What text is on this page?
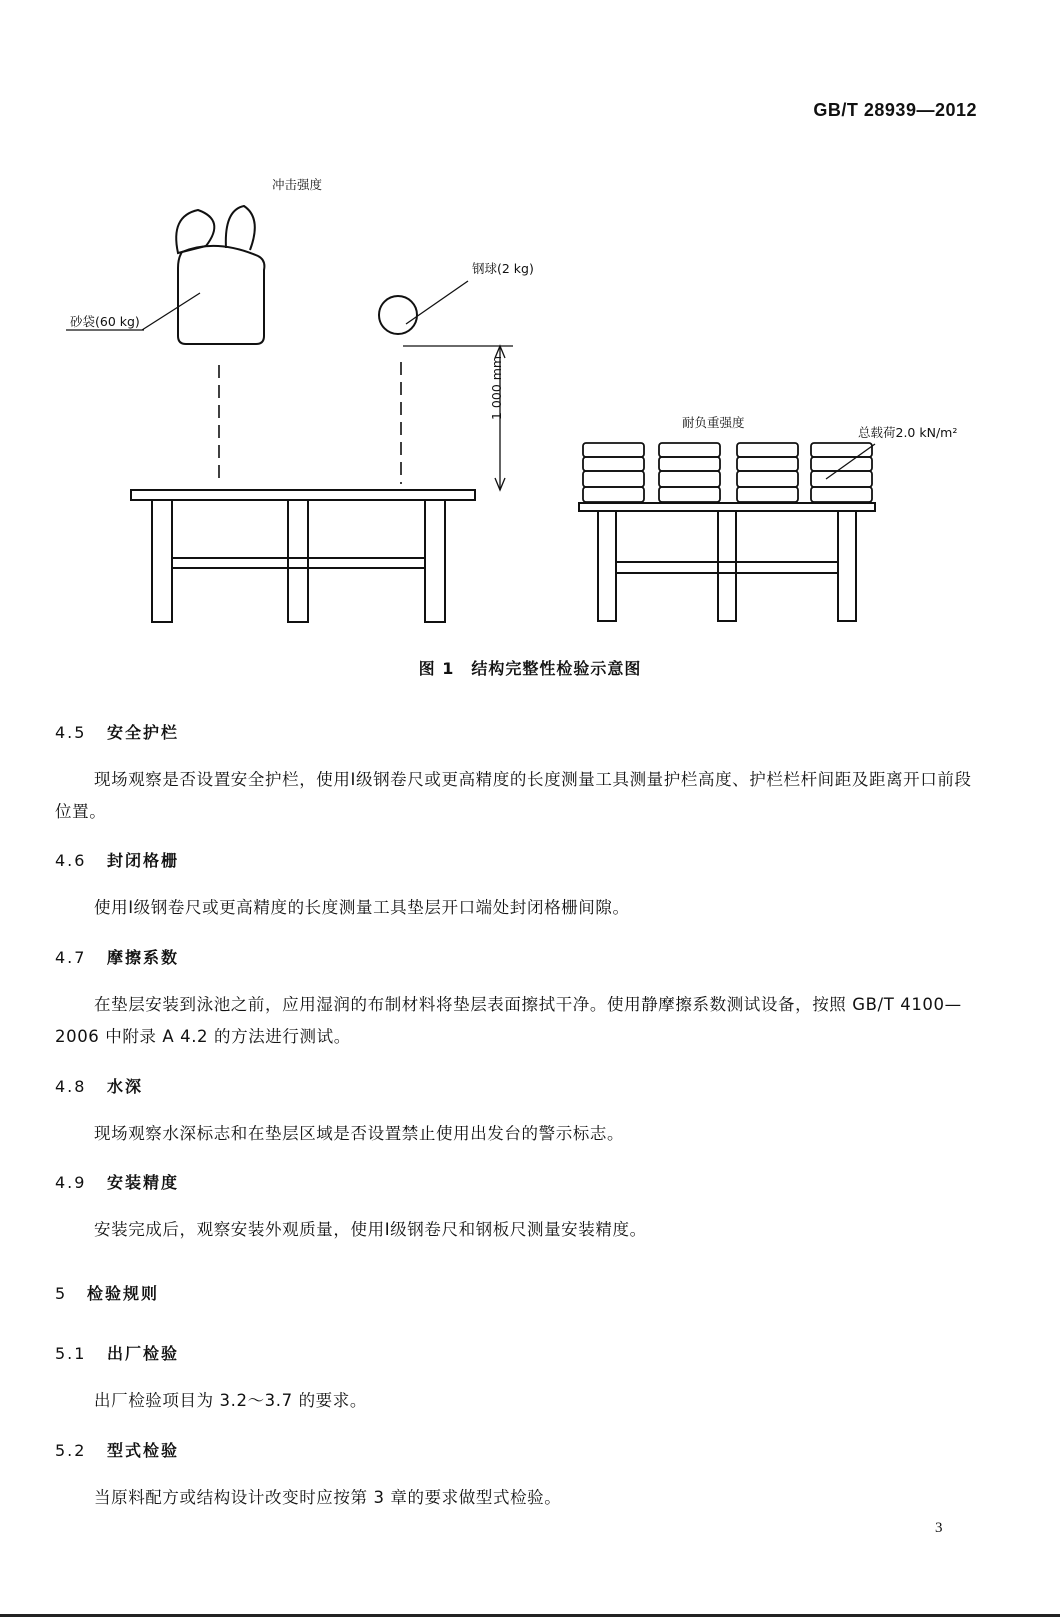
GB/T 28939—2012
冲击强度
砂袋(60 kg)
钢球(2 kg)
1 000 mm
耐负重强度
总载荷2.0 kN/m²
图 1　结构完整性检验示意图
4.5 安全护栏
现场观察是否设置安全护栏，使用Ⅰ级钢卷尺或更高精度的长度测量工具测量护栏高度、护栏栏杆间距及距离开口前段位置。
4.6 封闭格栅
使用Ⅰ级钢卷尺或更高精度的长度测量工具垫层开口端处封闭格栅间隙。
4.7 摩擦系数
在垫层安装到泳池之前，应用湿润的布制材料将垫层表面擦拭干净。使用静摩擦系数测试设备，按照 GB/T 4100—2006 中附录 A 4.2 的方法进行测试。
4.8 水深
现场观察水深标志和在垫层区域是否设置禁止使用出发台的警示标志。
4.9 安装精度
安装完成后，观察安装外观质量，使用Ⅰ级钢卷尺和钢板尺测量安装精度。
5 检验规则
5.1 出厂检验
出厂检验项目为 3.2～3.7 的要求。
5.2 型式检验
当原料配方或结构设计改变时应按第 3 章的要求做型式检验。
3
